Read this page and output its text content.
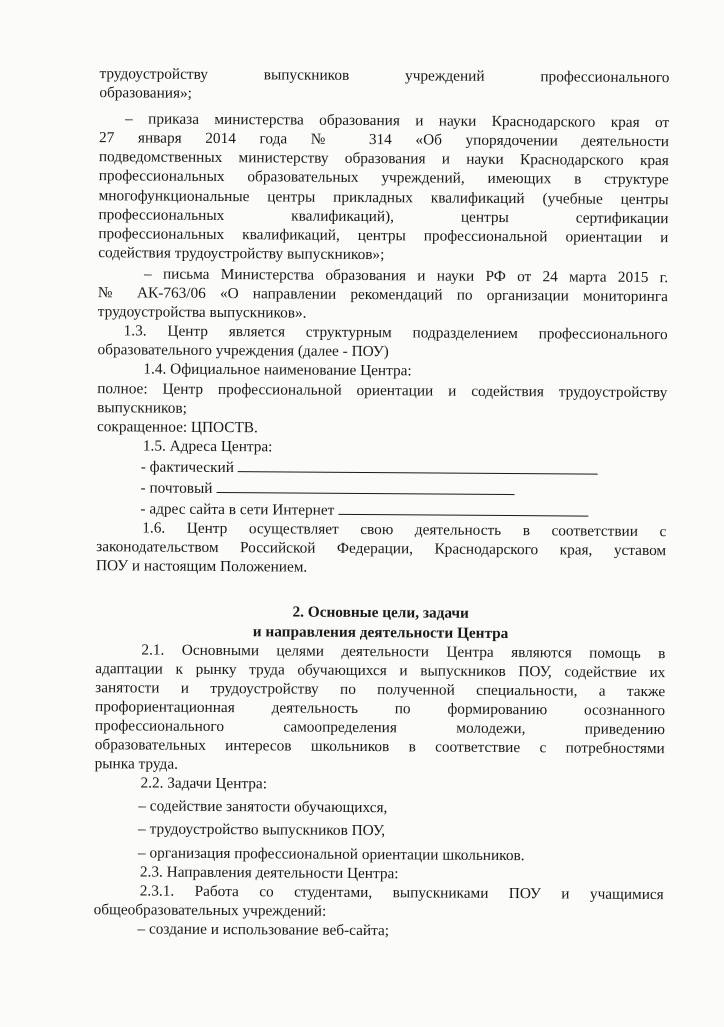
трудоустройству выпускников учреждений профессионального

образования»;

– приказа министерства образования и науки Краснодарского края от

27 января 2014 года № 314 «Об упорядочении деятельности

подведомственных министерству образования и науки Краснодарского края

профессиональных образовательных учреждений, имеющих в структуре

многофункциональные центры прикладных квалификаций (учебные центры

профессиональных квалификаций), центры сертификации

профессиональных квалификаций, центры профессиональной ориентации и

содействия трудоустройству выпускников»;

– письма Министерства образования и науки РФ от 24 марта 2015 г.

№ АК-763/06 «О направлении рекомендаций по организации мониторинга

трудоустройства выпускников».

1.3. Центр является структурным подразделением профессионального

образовательного учреждения (далее - ПОУ)

1.4. Официальное наименование Центра:

полное: Центр профессиональной ориентации и содействия трудоустройству

выпускников;

сокращенное: ЦПОСТВ.

1.5. Адреса Центра:

- фактический

- почтовый

- адрес сайта в сети Интернет

1.6. Центр осуществляет свою деятельность в соответствии с

законодательством Российской Федерации, Краснодарского края, уставом

ПОУ и настоящим Положением.

2. Основные цели, задачи

и направления деятельности Центра

2.1. Основными целями деятельности Центра являются помощь в

адаптации к рынку труда обучающихся и выпускников ПОУ, содействие их

занятости и трудоустройству по полученной специальности, а также

профориентационная деятельность по формированию осознанного

профессионального самоопределения молодежи, приведению

образовательных интересов школьников в соответствие с потребностями

рынка труда.

2.2. Задачи Центра:

– содействие занятости обучающихся,

– трудоустройство выпускников ПОУ,

– организация профессиональной ориентации школьников.

2.3. Направления деятельности Центра:

2.3.1. Работа со студентами, выпускниками ПОУ и учащимися

общеобразовательных учреждений:

– создание и использование веб-сайта;
